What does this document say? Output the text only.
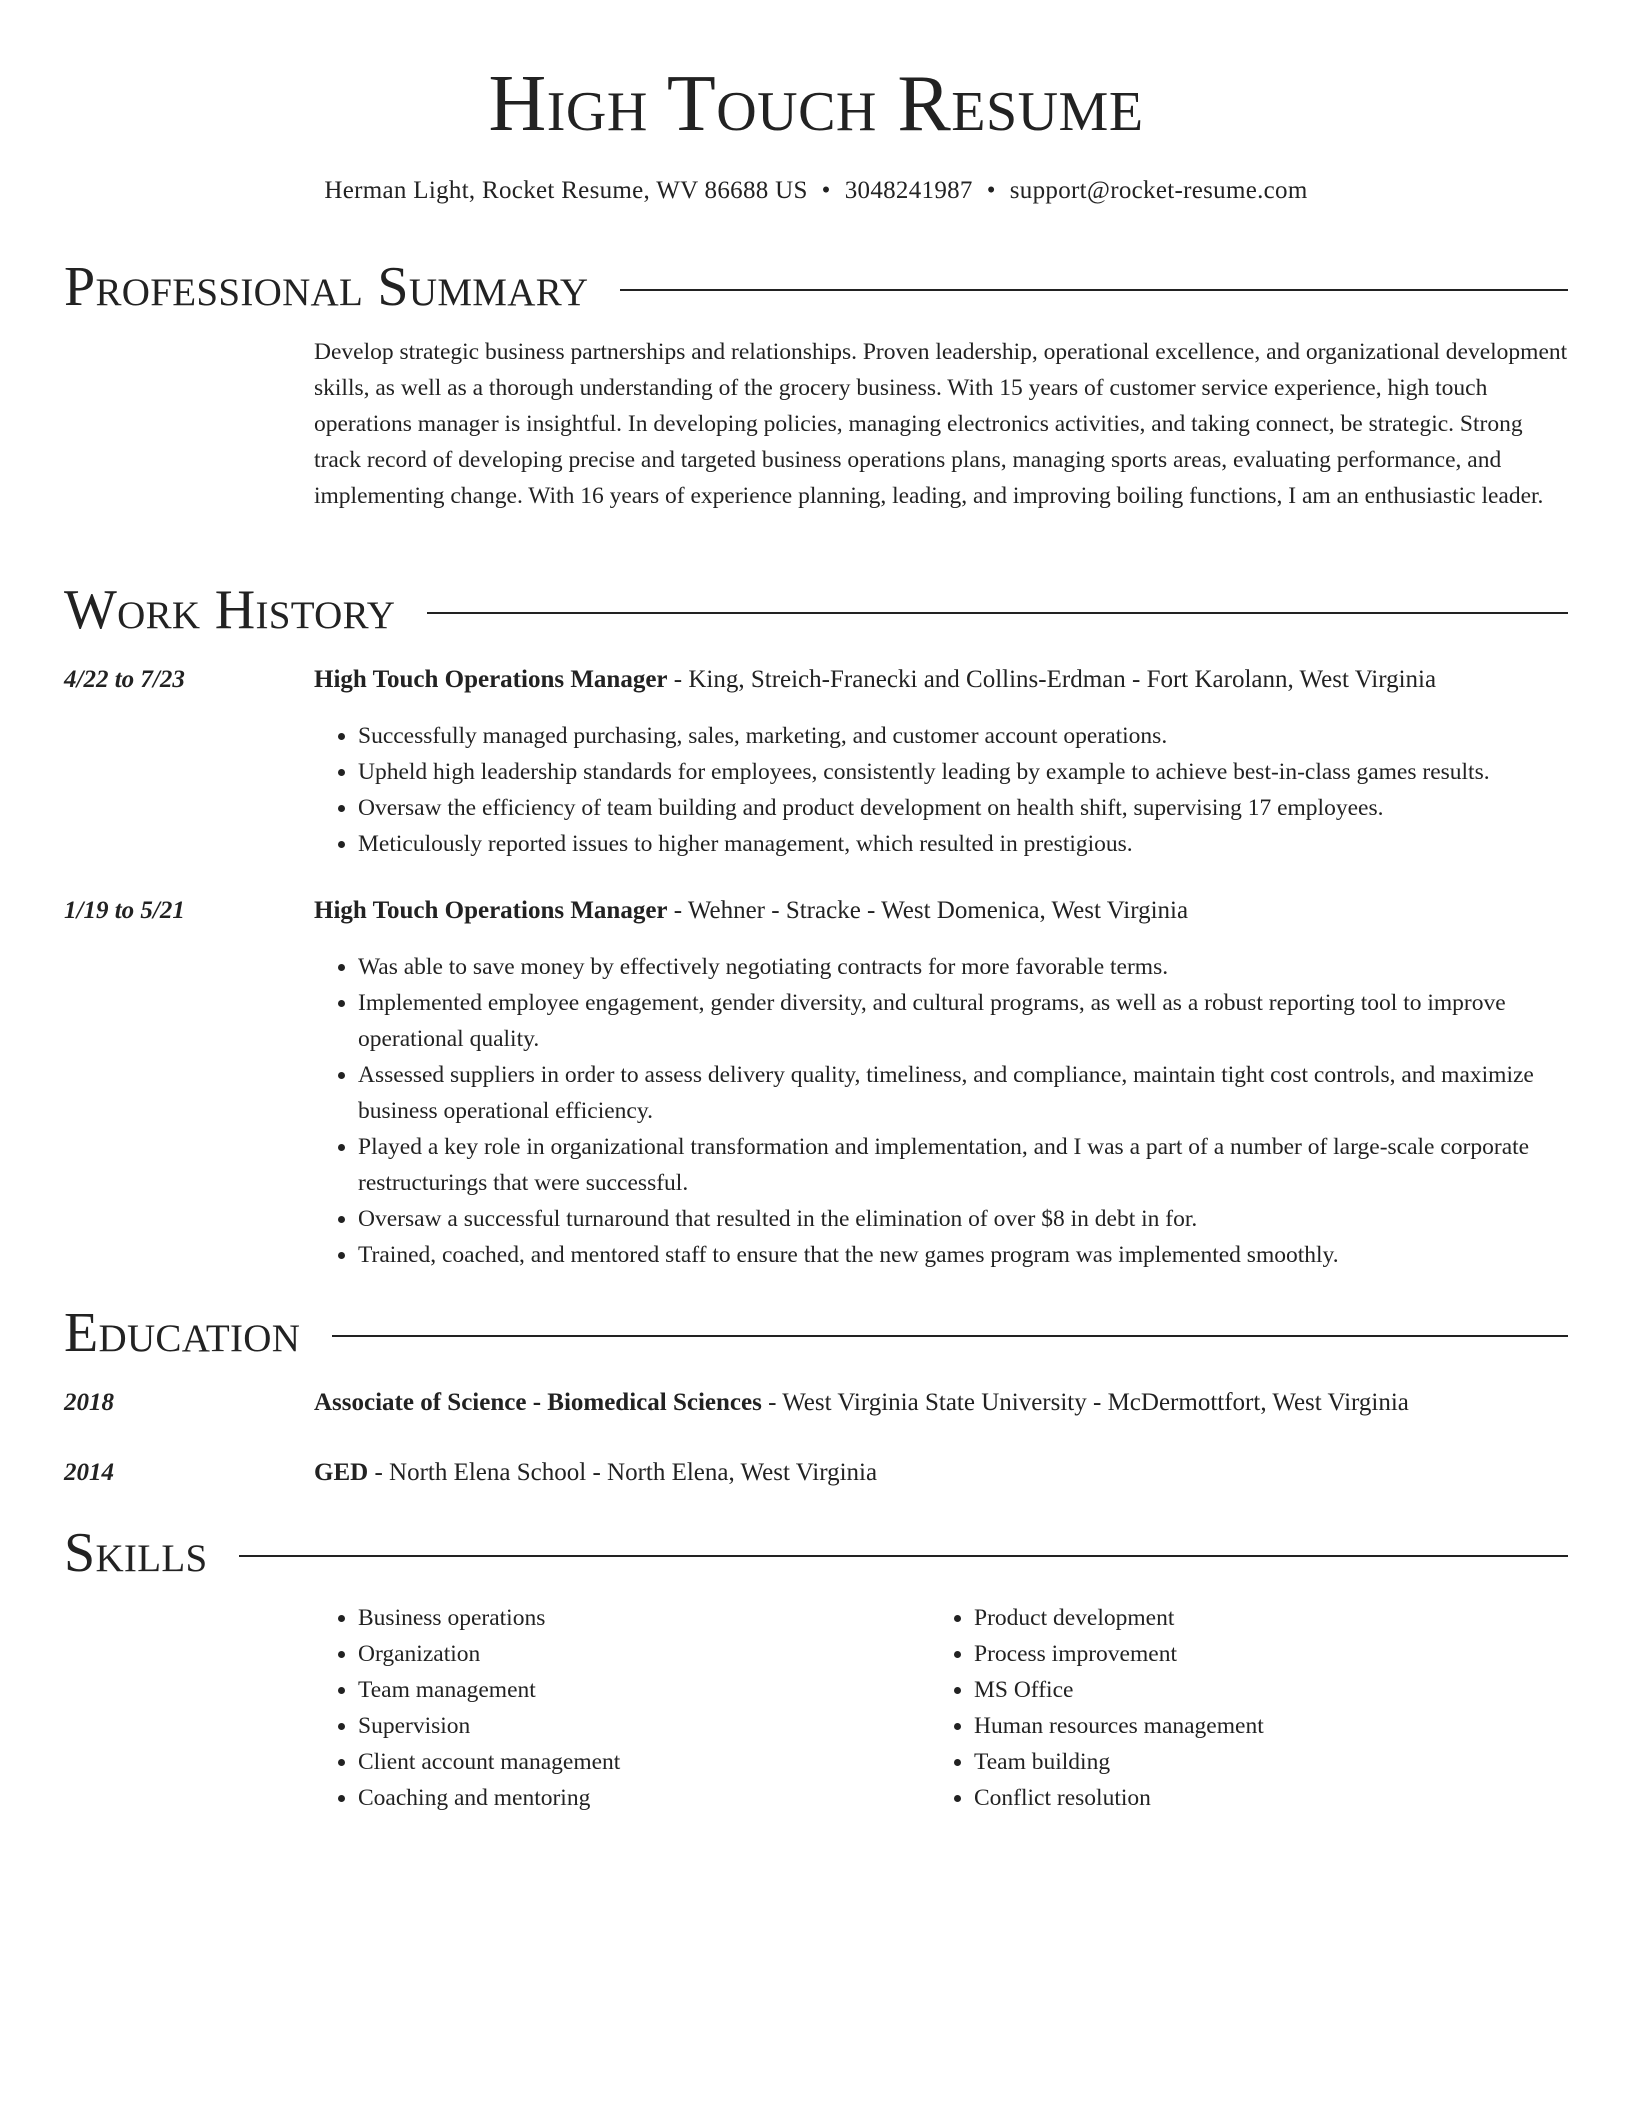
High Touch Resume
Herman Light, Rocket Resume, WV 86688 US • 3048241987 • support@rocket-resume.com
Professional Summary

Develop strategic business partnerships and relationships. Proven leadership, operational excellence, and organizational development skills, as well as a thorough understanding of the grocery business. With 15 years of customer service experience, high touch operations manager is insightful. In developing policies, managing electronics activities, and taking connect, be strategic. Strong track record of developing precise and targeted business operations plans, managing sports areas, evaluating performance, and implementing change. With 16 years of experience planning, leading, and improving boiling functions, I am an enthusiastic leader.

Work History
4/22 to 7/23	High Touch Operations Manager - King, Streich-Franecki and Collins-Erdman - Fort Karolann, West Virginia
• Successfully managed purchasing, sales, marketing, and customer account operations.
• Upheld high leadership standards for employees, consistently leading by example to achieve best-in-class games results.
• Oversaw the efficiency of team building and product development on health shift, supervising 17 employees.
• Meticulously reported issues to higher management, which resulted in prestigious.
1/19 to 5/21	High Touch Operations Manager - Wehner - Stracke - West Domenica, West Virginia
• Was able to save money by effectively negotiating contracts for more favorable terms.
• Implemented employee engagement, gender diversity, and cultural programs, as well as a robust reporting tool to improve operational quality.
• Assessed suppliers in order to assess delivery quality, timeliness, and compliance, maintain tight cost controls, and maximize business operational efficiency.
• Played a key role in organizational transformation and implementation, and I was a part of a number of large-scale corporate restructurings that were successful.
• Oversaw a successful turnaround that resulted in the elimination of over $8 in debt in for.
• Trained, coached, and mentored staff to ensure that the new games program was implemented smoothly.
Education
2018	Associate of Science - Biomedical Sciences - West Virginia State University - McDermottfort, West Virginia
2014	GED - North Elena School - North Elena, West Virginia
Skills
• Business operations
• Organization
• Team management
• Supervision
• Client account management
• Coaching and mentoring
• Product development
• Process improvement
• MS Office
• Human resources management
• Team building
• Conflict resolution
